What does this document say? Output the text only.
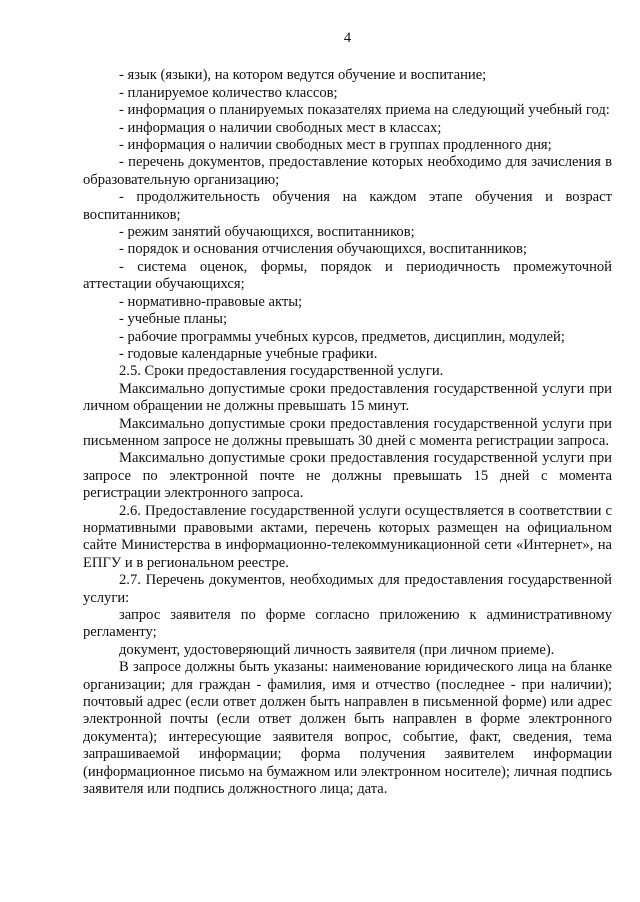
4

- язык (языки), на котором ведутся обучение и воспитание;

- планируемое количество классов;

- информация о планируемых показателях приема на следующий учебный год:

- информация о наличии свободных мест в классах;

- информация о наличии свободных мест в группах продленного дня;

- перечень документов, предоставление которых необходимо для зачисления в образовательную организацию;

- продолжительность обучения на каждом этапе обучения и возраст воспитанников;

- режим занятий обучающихся, воспитанников;

- порядок и основания отчисления обучающихся, воспитанников;

- система оценок, формы, порядок и периодичность промежуточной аттестации обучающихся;

- нормативно-правовые акты;

- учебные планы;

- рабочие программы учебных курсов, предметов, дисциплин, модулей;

- годовые календарные учебные графики.

2.5. Сроки предоставления государственной услуги.

Максимально допустимые сроки предоставления государственной услуги при личном обращении не должны превышать 15 минут.

Максимально допустимые сроки предоставления государственной услуги при письменном запросе не должны превышать 30 дней с момента регистрации запроса.

Максимально допустимые сроки предоставления государственной услуги при запросе по электронной почте не должны превышать 15 дней с момента регистрации электронного запроса.

2.6. Предоставление государственной услуги осуществляется в соответствии с нормативными правовыми актами, перечень которых размещен на официальном сайте Министерства в информационно-телекоммуникационной сети «Интернет», на ЕПГУ и в региональном реестре.

2.7. Перечень документов, необходимых для предоставления государственной услуги:

запрос заявителя по форме согласно приложению к административному регламенту;

документ, удостоверяющий личность заявителя (при личном приеме).

В запросе должны быть указаны: наименование юридического лица на бланке организации; для граждан - фамилия, имя и отчество (последнее - при наличии); почтовый адрес (если ответ должен быть направлен в письменной форме) или адрес электронной почты (если ответ должен быть направлен в форме электронного документа); интересующие заявителя вопрос, событие, факт, сведения, тема запрашиваемой информации; форма получения заявителем информации (информационное письмо на бумажном или электронном носителе); личная подпись заявителя или подпись должностного лица; дата.
